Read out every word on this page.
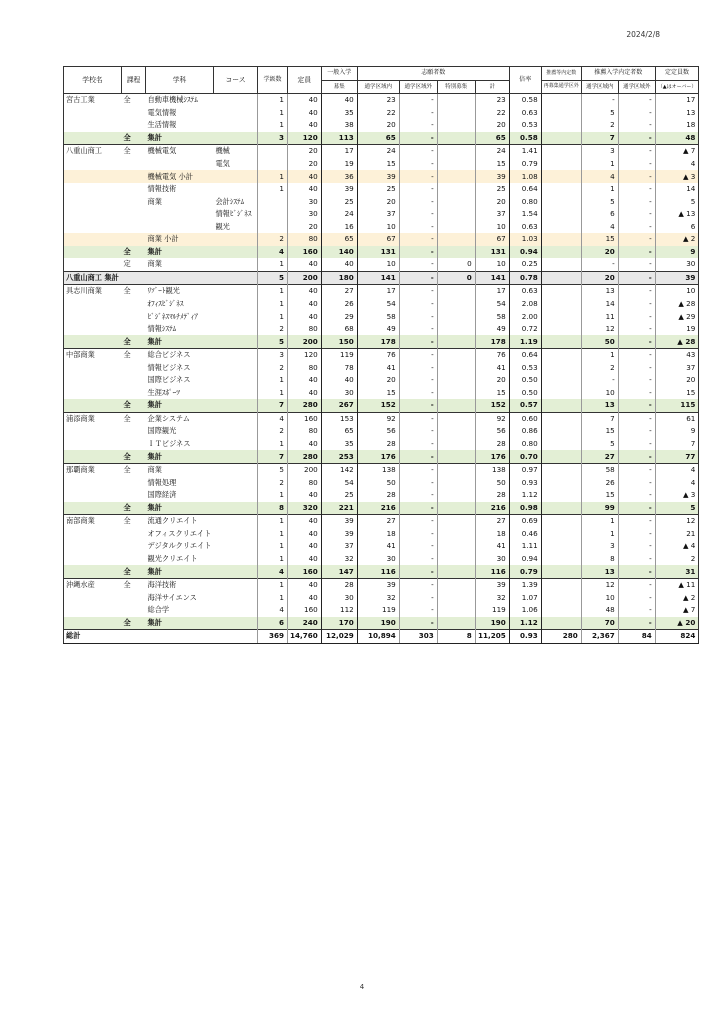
2024/2/8
学校名	課程	学科	コース	学級数	定員	一般入学	志願者数				倍率	推薦等内定数	推薦入学内定者数		定定員数
						募集	通学区域内	通学区域外	特別募集	計		再募集通学区外	通学区域内	通学区域外	（▲はオーバー）
宮古工業	全	自動車機械ｼｽﾃﾑ		1	40	40	23	-		23	0.58		-	-	17
		電気情報		1	40	35	22	-		22	0.63		5	-	13
		生活情報		1	40	38	20	-		20	0.53		2	-	18
	全	集計		3	120	113	65	-		65	0.58		7	-	48
八重山商工	全	機械電気	機械		20	17	24	-		24	1.41		3	-	▲ 7
			電気		20	19	15	-		15	0.79		1	-	4
		機械電気 小計		1	40	36	39	-		39	1.08		4	-	▲ 3
		情報技術		1	40	39	25	-		25	0.64		1	-	14
		商業	会計ｼｽﾃﾑ		30	25	20	-		20	0.80		5	-	5
			情報ﾋﾞｼﾞﾈｽ		30	24	37	-		37	1.54		6	-	▲ 13
			観光		20	16	10	-		10	0.63		4	-	6
		商業 小計		2	80	65	67	-		67	1.03		15	-	▲ 2
	全	集計		4	160	140	131	-		131	0.94		20	-	9
	定	商業		1	40	40	10	-	0	10	0.25		-	-	30
八重山商工 集計				5	200	180	141	-	0	141	0.78		20	-	39
具志川商業	全	ﾘｿﾞｰﾄ観光		1	40	27	17	-		17	0.63		13	-	10
		ｵﾌｨｽﾋﾞｼﾞﾈｽ		1	40	26	54	-		54	2.08		14	-	▲ 28
		ﾋﾞｼﾞﾈｽﾏﾙﾁﾒﾃﾞｨｱ		1	40	29	58	-		58	2.00		11	-	▲ 29
		情報ｼｽﾃﾑ		2	80	68	49	-		49	0.72		12	-	19
	全	集計		5	200	150	178	-		178	1.19		50	-	▲ 28
中部商業	全	総合ビジネス		3	120	119	76	-		76	0.64		1	-	43
		情報ビジネス		2	80	78	41	-		41	0.53		2	-	37
		国際ビジネス		1	40	40	20	-		20	0.50		-	-	20
		生涯ｽﾎﾟｰﾂ		1	40	30	15	-		15	0.50		10	-	15
	全	集計		7	280	267	152	-		152	0.57		13	-	115
浦添商業	全	企業システム		4	160	153	92	-		92	0.60		7	-	61
		国際観光		2	80	65	56	-		56	0.86		15	-	9
		ＩＴビジネス		1	40	35	28	-		28	0.80		5	-	7
	全	集計		7	280	253	176	-		176	0.70		27	-	77
那覇商業	全	商業		5	200	142	138	-		138	0.97		58	-	4
		情報処理		2	80	54	50	-		50	0.93		26	-	4
		国際経済		1	40	25	28	-		28	1.12		15	-	▲ 3
	全	集計		8	320	221	216	-		216	0.98		99	-	5
南部商業	全	流通クリエイト		1	40	39	27	-		27	0.69		1	-	12
		オフィスクリエイト		1	40	39	18	-		18	0.46		1	-	21
		デジタルクリエイト		1	40	37	41	-		41	1.11		3	-	▲ 4
		観光クリエイト		1	40	32	30	-		30	0.94		8	-	2
	全	集計		4	160	147	116	-		116	0.79		13	-	31
沖縄水産	全	海洋技術		1	40	28	39	-		39	1.39		12	-	▲ 11
		海洋サイエンス		1	40	30	32	-		32	1.07		10	-	▲ 2
		総合学		4	160	112	119	-		119	1.06		48	-	▲ 7
	全	集計		6	240	170	190	-		190	1.12		70	-	▲ 20
総計				369	14,760	12,029	10,894	303	8	11,205	0.93	280	2,367	84	824
4
